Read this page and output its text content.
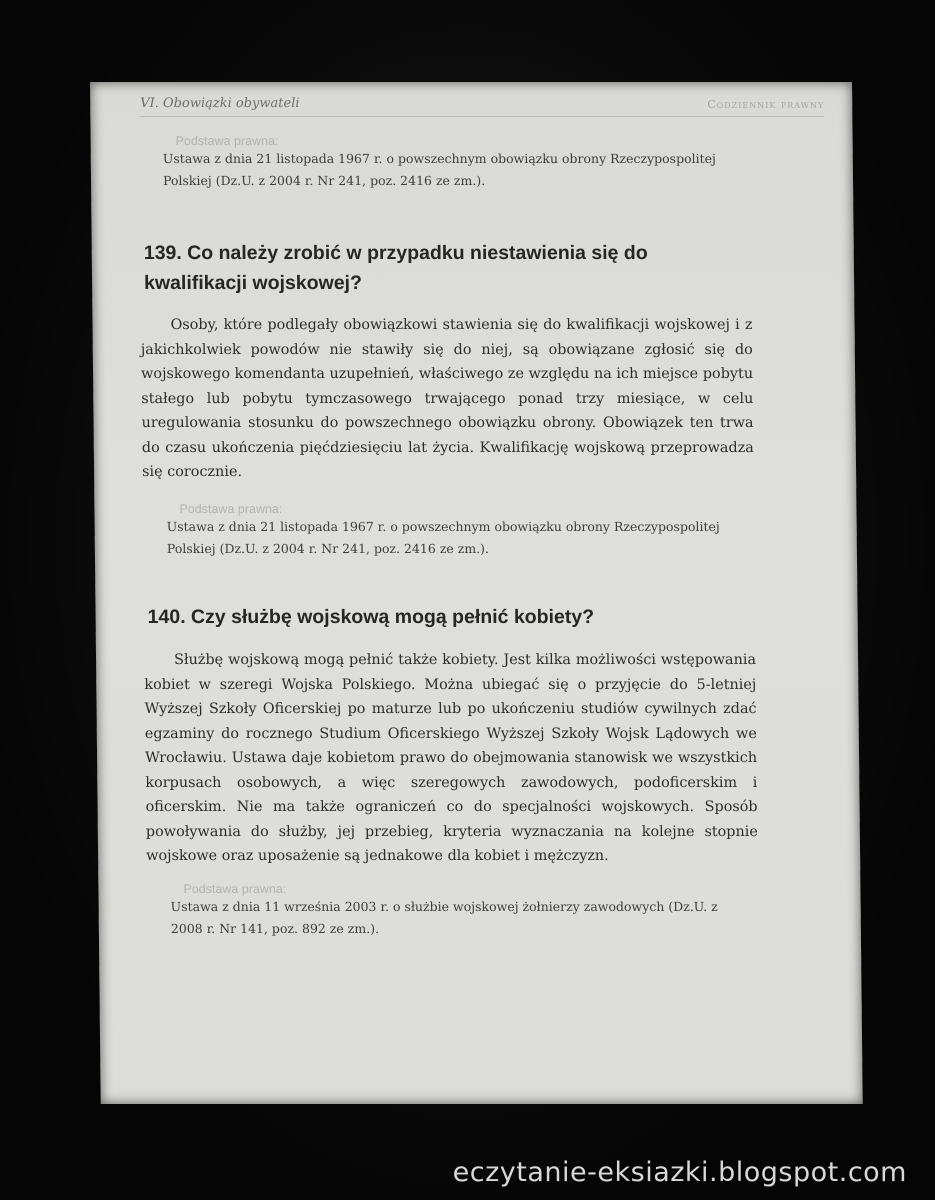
VI. Obowiązki obywateli	Codziennik prawny
Podstawa prawna:
Ustawa z dnia 21 listopada 1967 r. o powszechnym obowiązku obrony Rzeczypospolitej Polskiej (Dz.U. z 2004 r. Nr 241, poz. 2416 ze zm.).
139. Co należy zrobić w przypadku niestawienia się do kwalifikacji wojskowej?
Osoby, które podlegały obowiązkowi stawienia się do kwalifikacji wojskowej i z jakichkolwiek powodów nie stawiły się do niej, są obowiązane zgłosić się do wojskowego komendanta uzupełnień, właściwego ze względu na ich miejsce pobytu stałego lub pobytu tymczasowego trwającego ponad trzy miesiące, w celu uregulowania stosunku do powszechnego obowiązku obrony. Obowiązek ten trwa do czasu ukończenia pięćdziesięciu lat życia. Kwalifikację wojskową przeprowadza się corocznie.
Podstawa prawna:
Ustawa z dnia 21 listopada 1967 r. o powszechnym obowiązku obrony Rzeczypospolitej Polskiej (Dz.U. z 2004 r. Nr 241, poz. 2416 ze zm.).
140. Czy służbę wojskową mogą pełnić kobiety?
Służbę wojskową mogą pełnić także kobiety. Jest kilka możliwości wstępowania kobiet w szeregi Wojska Polskiego. Można ubiegać się o przyjęcie do 5-letniej Wyższej Szkoły Oficerskiej po maturze lub po ukończeniu studiów cywilnych zdać egzaminy do rocznego Studium Oficerskiego Wyższej Szkoły Wojsk Lądowych we Wrocławiu. Ustawa daje kobietom prawo do obejmowania stanowisk we wszystkich korpusach osobowych, a więc szeregowych zawodowych, podoficerskim i oficerskim. Nie ma także ograniczeń co do specjalności wojskowych. Sposób powoływania do służby, jej przebieg, kryteria wyznaczania na kolejne stopnie wojskowe oraz uposażenie są jednakowe dla kobiet i mężczyzn.
Podstawa prawna:
Ustawa z dnia 11 września 2003 r. o służbie wojskowej żołnierzy zawodowych (Dz.U. z 2008 r. Nr 141, poz. 892 ze zm.).
eczytanie-eksiazki.blogspot.com
